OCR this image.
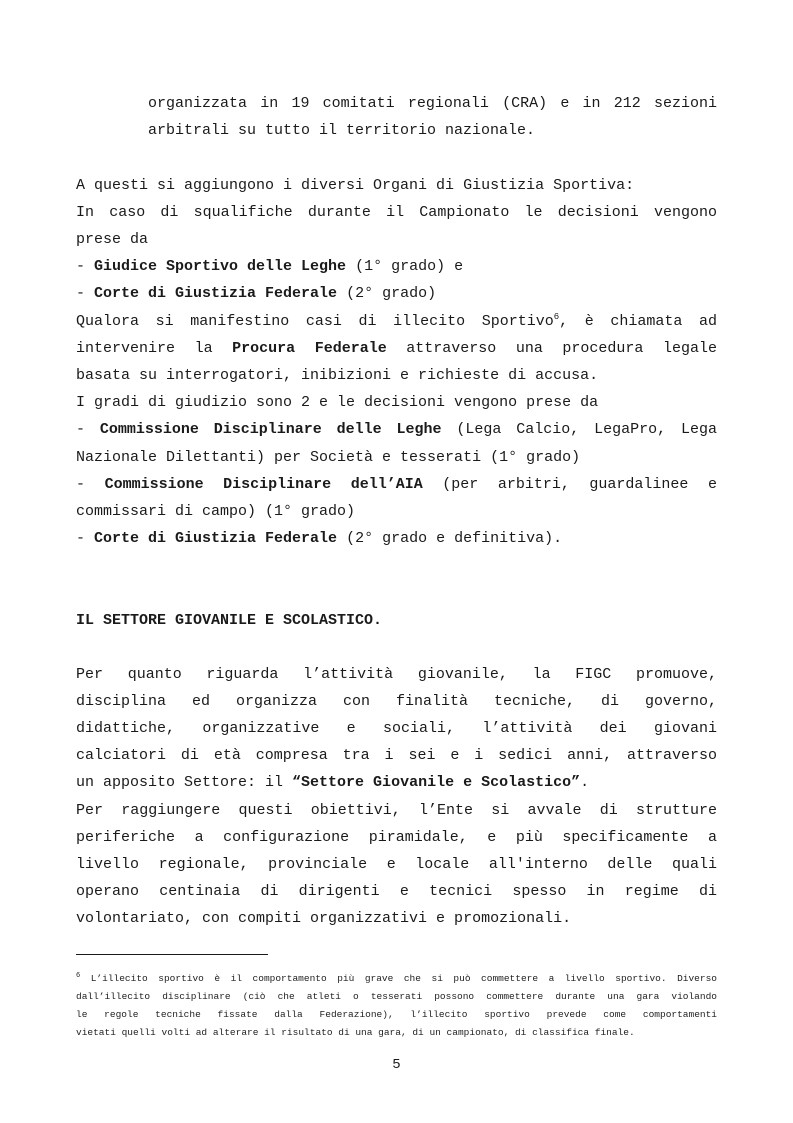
organizzata in 19 comitati regionali (CRA) e in 212 sezioni
arbitrali su tutto il territorio nazionale.
A questi si aggiungono i diversi Organi di Giustizia Sportiva:
In caso di squalifiche durante il Campionato le decisioni vengono
prese da
- Giudice Sportivo delle Leghe (1° grado) e
- Corte di Giustizia Federale (2° grado)
Qualora si manifestino casi di illecito Sportivo$^6$, è chiamata ad
intervenire la Procura Federale attraverso una procedura legale
basata su interrogatori, inibizioni e richieste di accusa.
I gradi di giudizio sono 2 e le decisioni vengono prese da
- Commissione Disciplinare delle Leghe (Lega Calcio, LegaPro, Lega
Nazionale Dilettanti) per Società e tesserati (1° grado)
- Commissione Disciplinare dell’AIA (per arbitri, guardalinee e
commissari di campo) (1° grado)
- Corte di Giustizia Federale (2° grado e definitiva).
IL SETTORE GIOVANILE E SCOLASTICO.
Per quanto riguarda l’attività giovanile, la FIGC promuove,
disciplina ed organizza con finalità tecniche, di governo,
didattiche, organizzative e sociali, l’attività dei giovani
calciatori di età compresa tra i sei e i sedici anni, attraverso
un apposito Settore: il “Settore Giovanile e Scolastico”.
Per raggiungere questi obiettivi, l’Ente si avvale di strutture
periferiche a configurazione piramidale, e più specificamente a
livello regionale, provinciale e locale all'interno delle quali
operano centinaia di dirigenti e tecnici spesso in regime di
volontariato, con compiti organizzativi e promozionali.
$^6$ L’illecito sportivo è il comportamento più grave che si può commettere a livello sportivo. Diverso
dall’illecito disciplinare (ciò che atleti o tesserati possono commettere durante una gara violando
le regole tecniche fissate dalla Federazione), l’illecito sportivo prevede come comportamenti
vietati quelli volti ad alterare il risultato di una gara, di un campionato, di classifica finale.
5
